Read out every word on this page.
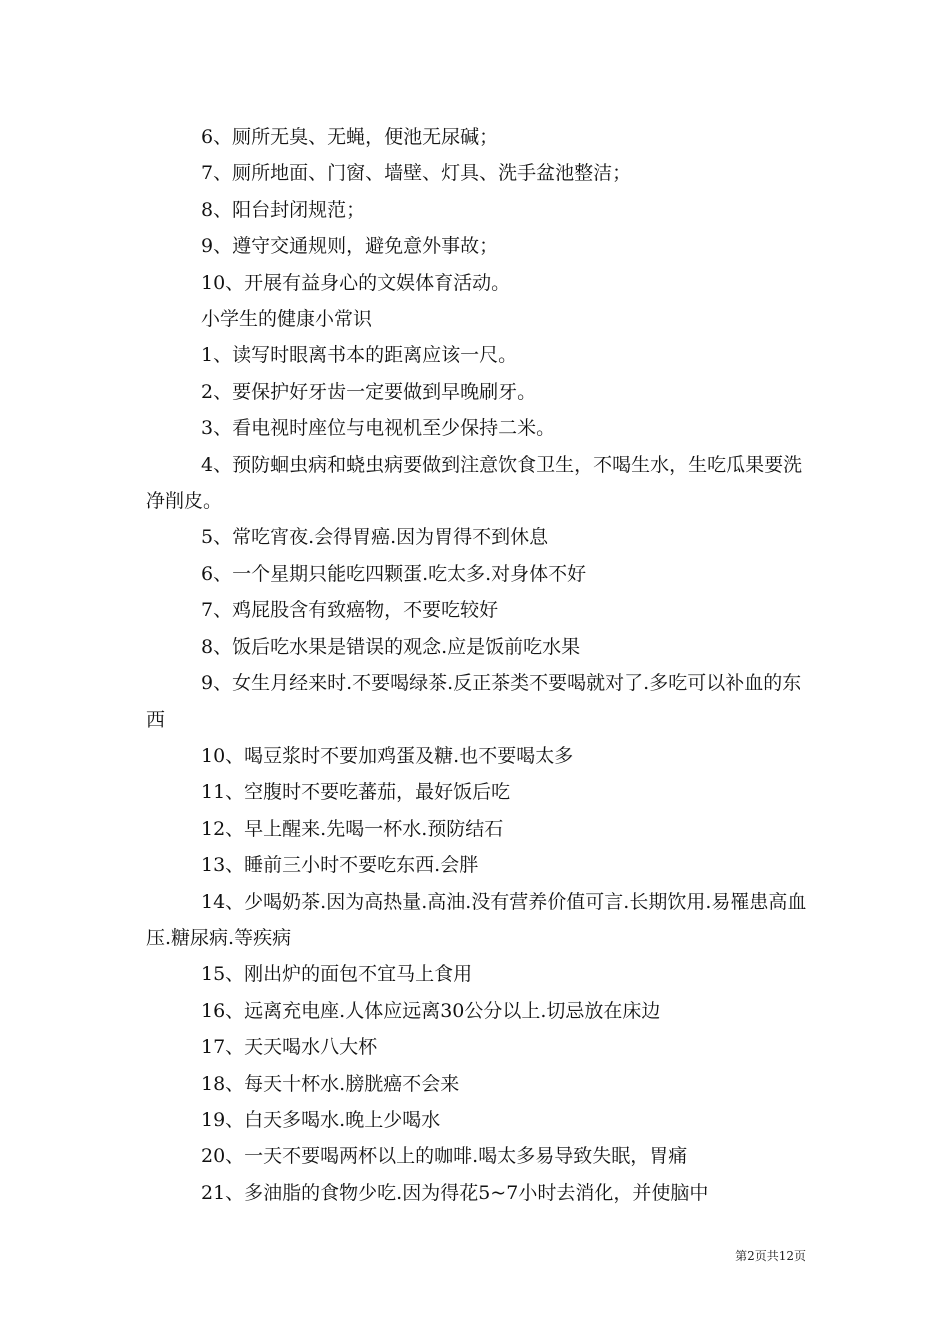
6、厕所无臭、无蝇，便池无尿碱；

7、厕所地面、门窗、墙壁、灯具、洗手盆池整洁；

8、阳台封闭规范；

9、遵守交通规则，避免意外事故；

10、开展有益身心的文娱体育活动。

小学生的健康小常识

1、读写时眼离书本的距离应该一尺。

2、要保护好牙齿一定要做到早晚刷牙。

3、看电视时座位与电视机至少保持二米。

4、预防蛔虫病和蛲虫病要做到注意饮食卫生，不喝生水，生吃瓜果要洗净削皮。

5、常吃宵夜.会得胃癌.因为胃得不到休息

6、一个星期只能吃四颗蛋.吃太多.对身体不好

7、鸡屁股含有致癌物，不要吃较好

8、饭后吃水果是错误的观念.应是饭前吃水果

9、女生月经来时.不要喝绿茶.反正茶类不要喝就对了.多吃可以补血的东西

10、喝豆浆时不要加鸡蛋及糖.也不要喝太多

11、空腹时不要吃蕃茄，最好饭后吃

12、早上醒来.先喝一杯水.预防结石

13、睡前三小时不要吃东西.会胖

14、少喝奶茶.因为高热量.高油.没有营养价值可言.长期饮用.易罹患高血压.糖尿病.等疾病

15、刚出炉的面包不宜马上食用

16、远离充电座.人体应远离30公分以上.切忌放在床边

17、天天喝水八大杯

18、每天十杯水.膀胱癌不会来

19、白天多喝水.晚上少喝水

20、一天不要喝两杯以上的咖啡.喝太多易导致失眠，胃痛

21、多油脂的食物少吃.因为得花5~7小时去消化，并使脑中

第2页共12页
